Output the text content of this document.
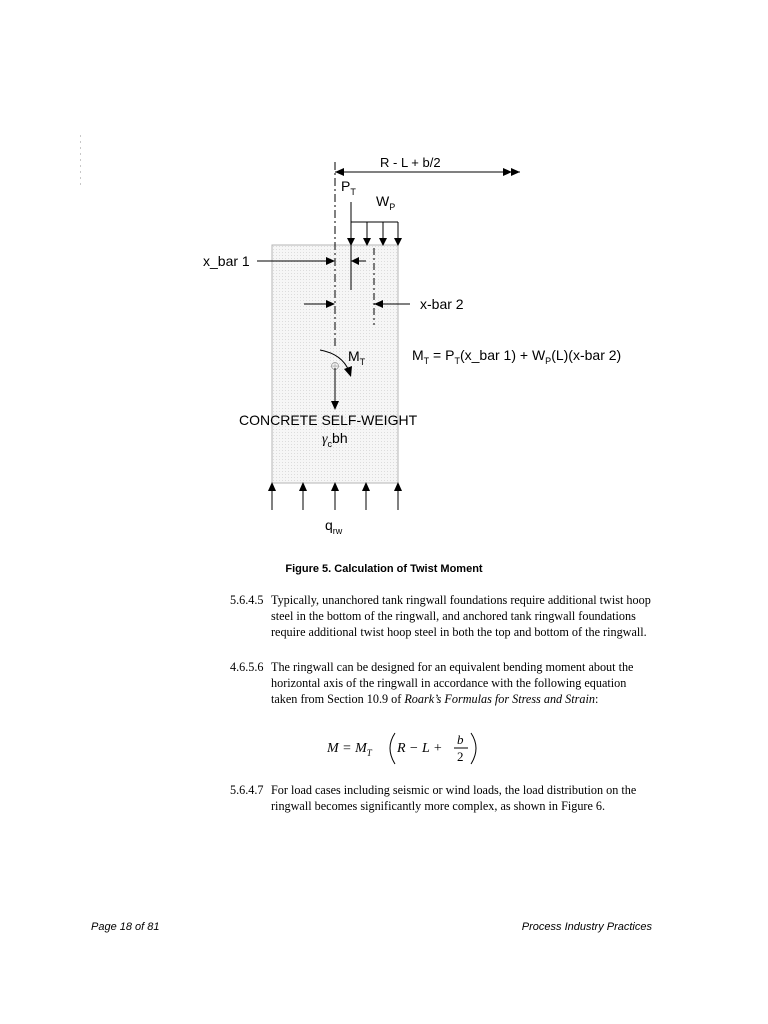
R - L + b/2
$P_T$
$W_P$
x_bar 1
x-bar 2
$M_T$	$M_T$ = $P_T(x\_bar$ $1) + W_P(L)(x$-bar 2)
CONCRETE SELF-WEIGHT
$\gamma_cbh$
$q_{rw}$

Figure 5. Calculation of Twist Moment

5.6.4.5 Typically, unanchored tank ringwall foundations require additional twist hoop steel in the bottom of the ringwall, and anchored tank ringwall foundations require additional twist hoop steel in both the top and bottom of the ringwall.
4.6.5.6 The ringwall can be designed for an equivalent bending moment about the horizontal axis of the ringwall in accordance with the following equation taken from Section 10.9 of Roark’s Formulas for Stress and Strain:
$M = M_T$ R − L +
b
2
5.6.4.7 For load cases including seismic or wind loads, the load distribution on the ringwall becomes significantly more complex, as shown in Figure 6.
Page 18 of 81	Process Industry Practices
